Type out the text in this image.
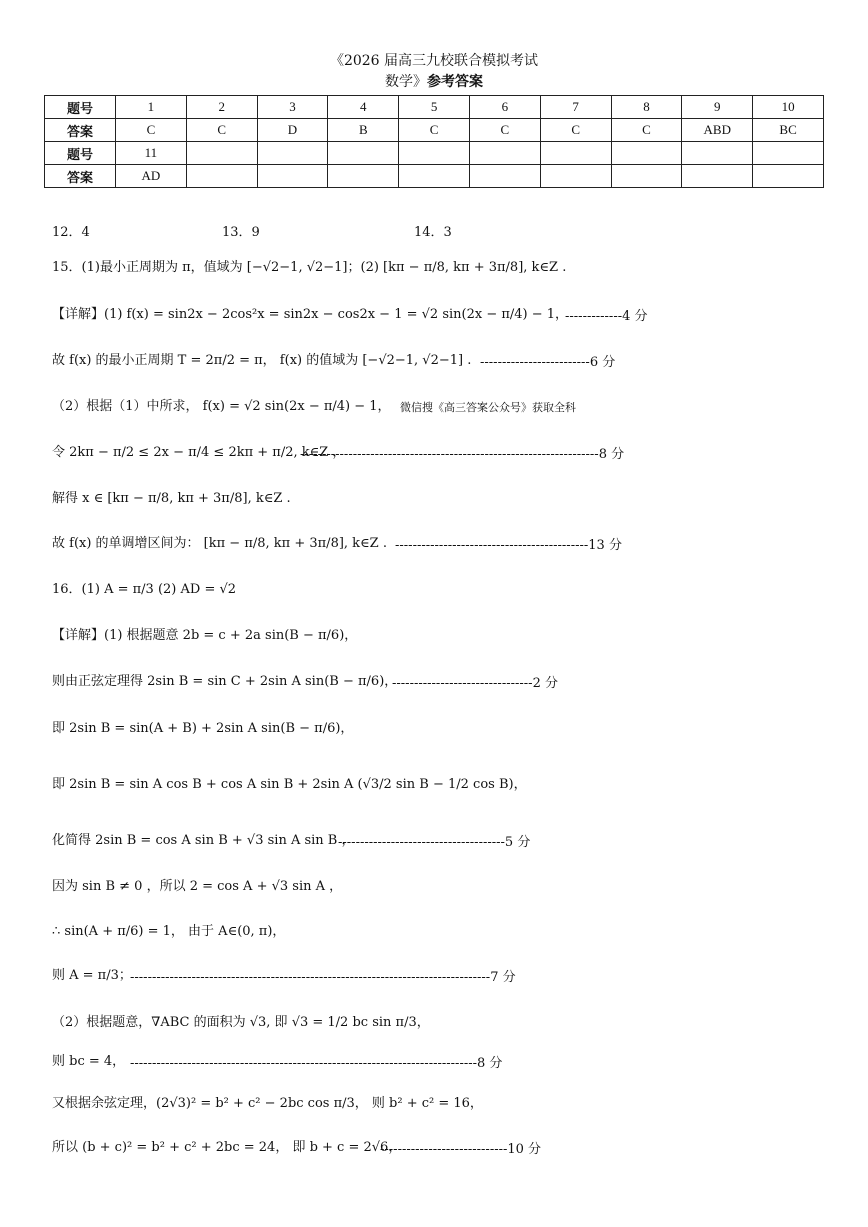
《2026 届高三九校联合模拟考试
数学》参考答案
题号	1	2	3	4	5	6	7	8	9	10
答案	C	C	D	B	C	C	C	C	ABD	BC
题号	11									
答案	AD									
12．4	13．9	14．3
15．(1)最小正周期为 π，值域为 [−√2−1, √2−1]；(2) [kπ − π/8, kπ + 3π/8], k∈Z .
【详解】(1) f(x) = sin2x − 2cos²x = sin2x − cos2x − 1 = √2 sin(2x − π/4) − 1，
-------------4 分
故 f(x) 的最小正周期 T = 2π/2 = π， f(x) 的值域为 [−√2−1, √2−1] . -------------------------6 分
（2）根据（1）中所求， f(x) = √2 sin(2x − π/4) − 1， 微信搜《高三答案公众号》获取全科
令 2kπ − π/2 ≤ 2x − π/4 ≤ 2kπ + π/2, k∈Z ，
--------------------------------------------------------------------8 分
解得 x ∈ [kπ − π/8, kπ + 3π/8], k∈Z .
故 f(x) 的单调增区间为： [kπ − π/8, kπ + 3π/8], k∈Z . --------------------------------------------13 分
16．(1) A = π/3 (2) AD = √2
【详解】(1) 根据题意 2b = c + 2a sin(B − π/6)，
则由正弦定理得 2sin B = sin C + 2sin A sin(B − π/6)，
--------------------------------2 分
即 2sin B = sin(A + B) + 2sin A sin(B − π/6)，
即 2sin B = sin A cos B + cos A sin B + 2sin A (√3/2 sin B − 1/2 cos B)，
化简得 2sin B = cos A sin B + √3 sin A sin B ，
--------------------------------------5 分
因为 sin B ≠ 0 ，所以 2 = cos A + √3 sin A ，
∴ sin(A + π/6) = 1， 由于 A∈(0, π)，
则 A = π/3；
----------------------------------------------------------------------------------7 分
（2）根据题意，∇ABC 的面积为 √3, 即 √3 = 1/2 bc sin π/3，
则 bc = 4， -------------------------------------------------------------------------------8 分
又根据余弦定理，(2√3)² = b² + c² − 2bc cos π/3， 则 b² + c² = 16，
所以 (b + c)² = b² + c² + 2bc = 24， 即 b + c = 2√6，
-----------------------------10 分
